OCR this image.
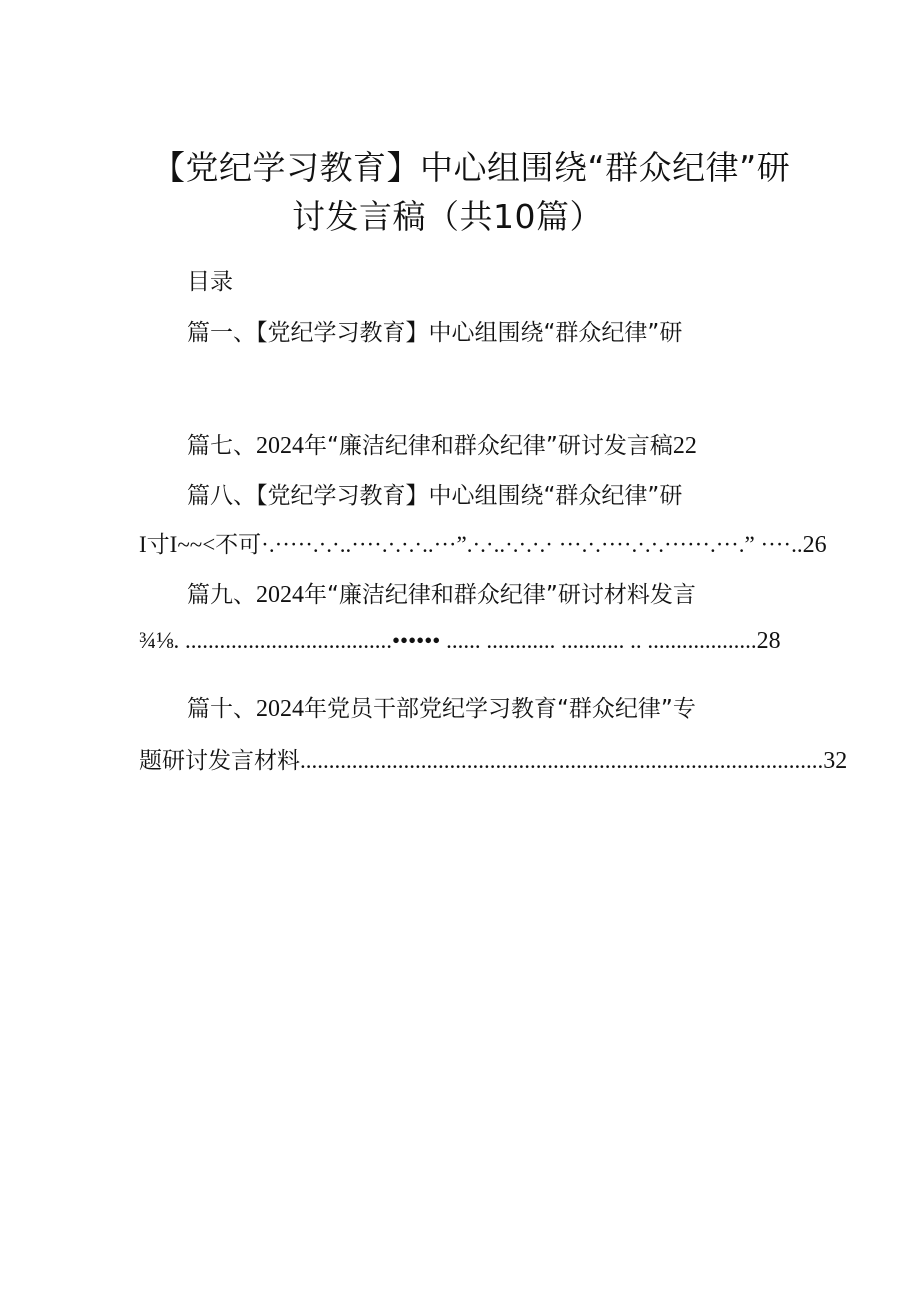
【党纪学习教育】中心组围绕“群众纪律”研
讨发言稿（共10篇）
目录
篇一、【党纪学习教育】中心组围绕“群众纪律”研
篇七、2024年“廉洁纪律和群众纪律”研讨发言稿22
篇八、【党纪学习教育】中心组围绕“群众纪律”研
I寸I~~<不可·.·····.·.·..····.·.·.·..···”.·.·..·.·.·.· ···.·.····.·.·.······.···.” ····..26
篇九、2024年“廉洁纪律和群众纪律”研讨材料发言
¾⅛. ....................................•••••• ...... ............ ........... .. ...................28
篇十、2024年党员干部党纪学习教育“群众纪律”专
题研讨发言材料...........................................................................................32
